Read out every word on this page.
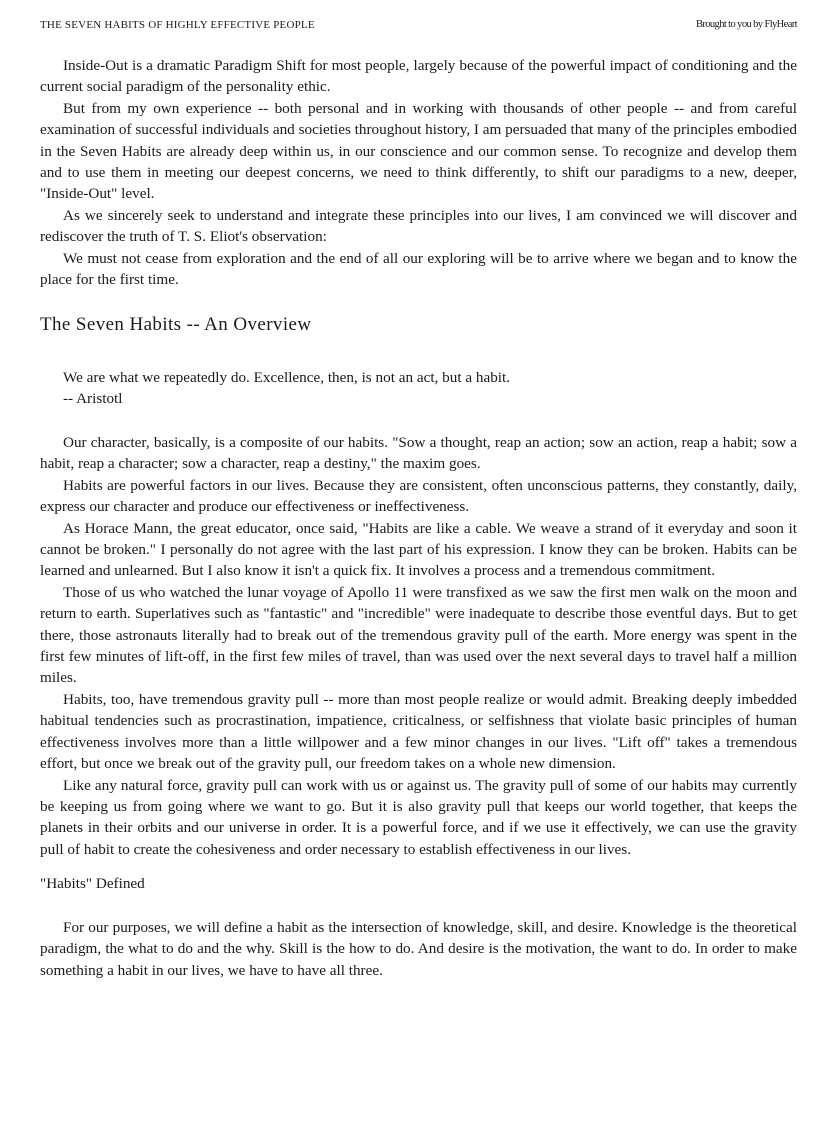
THE SEVEN HABITS OF HIGHLY EFFECTIVE PEOPLE	Brought to you by FlyHeart

Inside-Out is a dramatic Paradigm Shift for most people, largely because of the powerful impact of conditioning and the current social paradigm of the personality ethic.

But from my own experience -- both personal and in working with thousands of other people -- and from careful examination of successful individuals and societies throughout history, I am persuaded that many of the principles embodied in the Seven Habits are already deep within us, in our conscience and our common sense. To recognize and develop them and to use them in meeting our deepest concerns, we need to think differently, to shift our paradigms to a new, deeper, "Inside-Out" level.

As we sincerely seek to understand and integrate these principles into our lives, I am convinced we will discover and rediscover the truth of T. S. Eliot's observation:

We must not cease from exploration and the end of all our exploring will be to arrive where we began and to know the place for the first time.

The Seven Habits -- An Overview
We are what we repeatedly do. Excellence, then, is not an act, but a habit.
-- Aristotl

Our character, basically, is a composite of our habits. "Sow a thought, reap an action; sow an action, reap a habit; sow a habit, reap a character; sow a character, reap a destiny," the maxim goes.

Habits are powerful factors in our lives. Because they are consistent, often unconscious patterns, they constantly, daily, express our character and produce our effectiveness or ineffectiveness.

As Horace Mann, the great educator, once said, "Habits are like a cable. We weave a strand of it everyday and soon it cannot be broken." I personally do not agree with the last part of his expression. I know they can be broken. Habits can be learned and unlearned. But I also know it isn't a quick fix. It involves a process and a tremendous commitment.

Those of us who watched the lunar voyage of Apollo 11 were transfixed as we saw the first men walk on the moon and return to earth. Superlatives such as "fantastic" and "incredible" were inadequate to describe those eventful days. But to get there, those astronauts literally had to break out of the tremendous gravity pull of the earth. More energy was spent in the first few minutes of lift-off, in the first few miles of travel, than was used over the next several days to travel half a million miles.

Habits, too, have tremendous gravity pull -- more than most people realize or would admit. Breaking deeply imbedded habitual tendencies such as procrastination, impatience, criticalness, or selfishness that violate basic principles of human effectiveness involves more than a little willpower and a few minor changes in our lives. "Lift off" takes a tremendous effort, but once we break out of the gravity pull, our freedom takes on a whole new dimension.

Like any natural force, gravity pull can work with us or against us. The gravity pull of some of our habits may currently be keeping us from going where we want to go. But it is also gravity pull that keeps our world together, that keeps the planets in their orbits and our universe in order. It is a powerful force, and if we use it effectively, we can use the gravity pull of habit to create the cohesiveness and order necessary to establish effectiveness in our lives.

"Habits" Defined

For our purposes, we will define a habit as the intersection of knowledge, skill, and desire. Knowledge is the theoretical paradigm, the what to do and the why. Skill is the how to do. And desire is the motivation, the want to do. In order to make something a habit in our lives, we have to have all three.
